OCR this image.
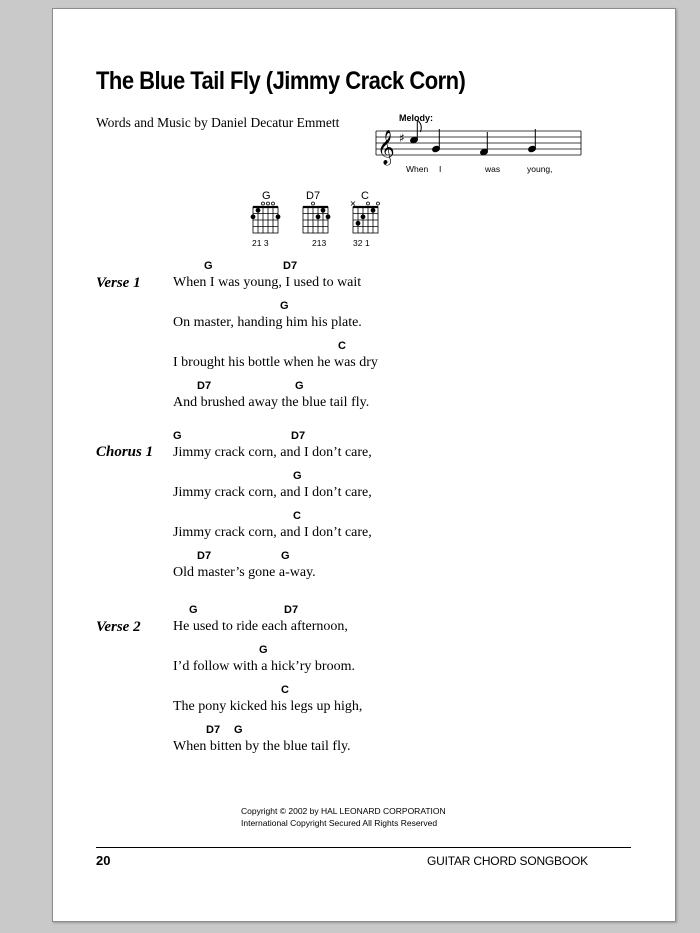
The Blue Tail Fly (Jimmy Crack Corn)
Words and Music by Daniel Decatur Emmett	Melody:
𝄞 ♯
When I	was	young,
G
21 3
D7
213
C
32 1
Verse 1
G	D7
When I was young, I used to wait
G
On master, handing him his plate.
C
I brought his bottle when he was dry
D7	G
And brushed away the blue tail fly.
Chorus 1
G	D7
Jimmy crack corn, and I don’t care,
G
Jimmy crack corn, and I don’t care,
C
Jimmy crack corn, and I don’t care,
D7	G
Old master’s gone a-way.
Verse 2
G	D7
He used to ride each afternoon,
G
I’d follow with a hick’ry broom.
C
The pony kicked his legs up high,
D7 G
When bitten by the blue tail fly.
Copyright © 2002 by HAL LEONARD CORPORATION
International Copyright Secured All Rights Reserved
20	GUITAR CHORD SONGBOOK
